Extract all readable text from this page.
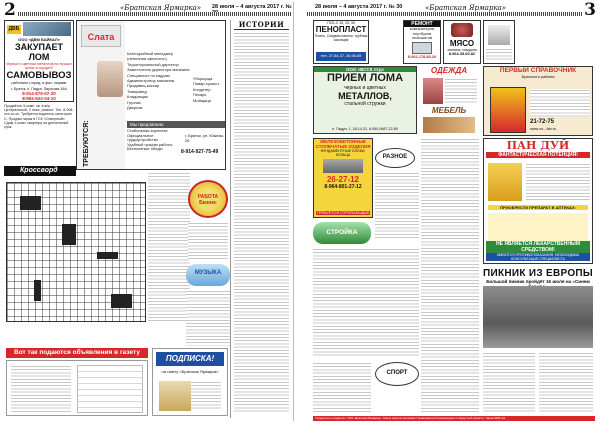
2	«Братская Ярмарка» 28 июля – 4 августа 2017 г. №
ДВБ
ООО «ДВМ БАЙКАЛ»
ЗАКУПАЕТ ЛОМ
чёрных и цветных металлов на лучших ценах в городе!!!
САМОВЫВОЗ
работаем с юрид. и физ. лицами
г. Братск, п. Падун, Пирогова 16А
8-914-875-07-20
8-952-622-04-10
Слата
ТРЕБУЮТСЯ:
Категорийный менеджер (неполная занятость)
Территориальный директор
Заместитель директора магазина
Специалист по кадрам
Администратор магазина
Продавец-кассир
Товаровед
Кладовщик
Грузчик
Дворник
Уборщица
Повар-сушист
Кондитер
Пекарь
Мойщица
Мы предлагаем:
Стабильная зарплата
Официальное трудоустройство
Удобный график работы
Бесплатные обеды
г. Братск, ул. Южная, 26
8-914-927-75-49
Продаётся 3-комн. кв. в ж/р Центральный, 2 этаж, ремонт. Тел. 8-908-xxx-xx-xx. Требуется водитель категории С. Продам гараж в ГСК «Северный». Сдам 1-комн. квартиру на длительный срок.
Кроссворд
Вот так подаются объявления в газету
ПОДПИСКА!
на газету «Братская Ярмарка»
РАБОТА Бизнес
МУЗЫКА
ИСТОРИИ
«Братская Ярмарка»
28 июля – 4 августа 2017 г. № 30	3
ПСБ-С 15, 25, 35
ПЕНОПЛАСТ
Плиты, Сэндвич-панели, трубная изоляция
тел. 27-84-37, 26-98-65
РЕМОНТ
компьютеров
ноутбуков
планшетов
8-902-178-85-20
МЯСО
свинина, говядина
8-964-35-60-82
ООО «ВССК лтд»
ПРИЕМ ЛОМА
черных и цветных
МЕТАЛЛОВ,
стальной стружки
п. Падун, 1, 28-14-31, 8-950-0687-22-89
ОДЕЖДА
МЕБЕЛЬ
ПЕРВЫЙ СПРАВОЧНИК
Братского района
21-72-75
www.xn---btv.ru
ЖЕЛЕЗОБЕТОННЫЕ СТОЛБЧАТЫЕ ИЗДЕЛИЯ
ФУНДАМЕНТНЫЕ БЛОКИ, КОЛЬЦА
26-27-12
8-964-801-27-12
ТРЕБУЕТСЯ СТРОПАЛЬЩИК
РАЗНОЕ
СТРОЙКА
СПОРТ
ПАН ДУЙ
ФАНТАСТИЧЕСКАЯ ПОТЕНЦИЯ!
ПРИОБРЕСТИ ПРЕПАРАТ В АПТЕКАХ:
НЕ ЯВЛЯЕТСЯ ЛЕКАРСТВЕННЫМ СРЕДСТВОМ!
ИМЕЮТСЯ ПРОТИВОПОКАЗАНИЯ, НЕОБХОДИМА КОНСУЛЬТАЦИЯ СПЕЦИАЛИСТА
ПИКНИК ИЗ ЕВРОПЫ
Большой пикник пройдёт 16 июля на «Синем
Учредитель и издатель: ООО «Братская Ярмарка». Газета зарегистрирована Управлением Роскомнадзора по Иркутской области. Тираж 5000 экз.
